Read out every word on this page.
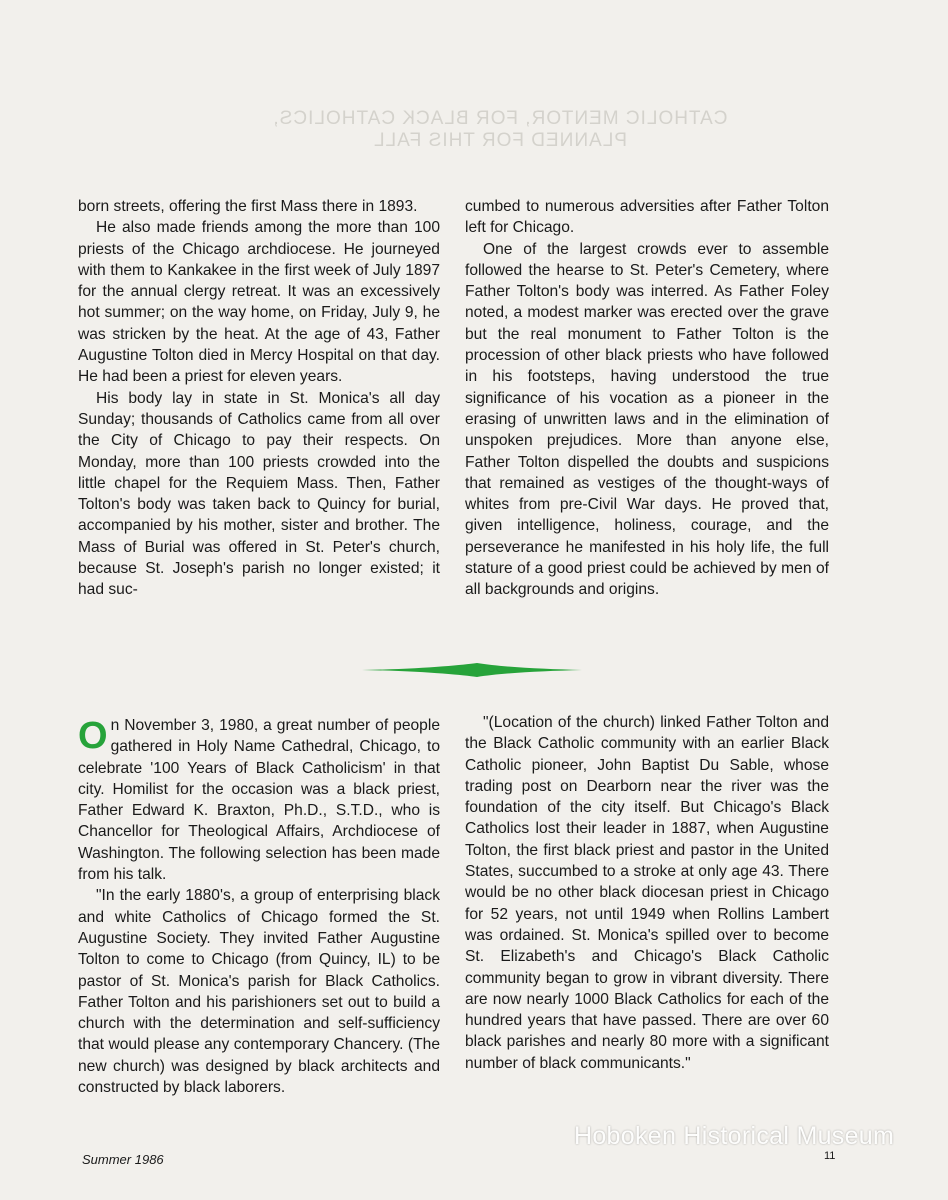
CATHOLIC MENTOR, FOR BLACK CATHOLICS,
PLANNED FOR THIS FALL

born streets, offering the first Mass there in 1893.

He also made friends among the more than 100 priests of the Chicago archdiocese. He journeyed with them to Kankakee in the first week of July 1897 for the annual clergy retreat. It was an excessively hot summer; on the way home, on Friday, July 9, he was stricken by the heat. At the age of 43, Father Augustine Tolton died in Mercy Hospital on that day. He had been a priest for eleven years.

His body lay in state in St. Monica's all day Sunday; thousands of Catholics came from all over the City of Chicago to pay their respects. On Monday, more than 100 priests crowded into the little chapel for the Requiem Mass. Then, Father Tolton's body was taken back to Quincy for burial, accompanied by his mother, sister and brother. The Mass of Burial was offered in St. Peter's church, because St. Joseph's parish no longer existed; it had suc-

cumbed to numerous adversities after Father Tolton left for Chicago.

One of the largest crowds ever to assemble followed the hearse to St. Peter's Cemetery, where Father Tolton's body was interred. As Father Foley noted, a modest marker was erected over the grave but the real monument to Father Tolton is the procession of other black priests who have followed in his footsteps, having understood the true significance of his vocation as a pioneer in the erasing of unwritten laws and in the elimination of unspoken prejudices. More than anyone else, Father Tolton dispelled the doubts and suspicions that remained as vestiges of the thought-ways of whites from pre-Civil War days. He proved that, given intelligence, holiness, courage, and the perseverance he manifested in his holy life, the full stature of a good priest could be achieved by men of all backgrounds and origins.

On November 3, 1980, a great number of people gathered in Holy Name Cathedral, Chicago, to celebrate '100 Years of Black Catholicism' in that city. Homilist for the occasion was a black priest, Father Edward K. Braxton, Ph.D., S.T.D., who is Chancellor for Theological Affairs, Archdiocese of Washington. The following selection has been made from his talk.

"In the early 1880's, a group of enterprising black and white Catholics of Chicago formed the St. Augustine Society. They invited Father Augustine Tolton to come to Chicago (from Quincy, IL) to be pastor of St. Monica's parish for Black Catholics. Father Tolton and his parishioners set out to build a church with the determination and self-sufficiency that would please any contemporary Chancery. (The new church) was designed by black architects and constructed by black laborers.

"(Location of the church) linked Father Tolton and the Black Catholic community with an earlier Black Catholic pioneer, John Baptist Du Sable, whose trading post on Dearborn near the river was the foundation of the city itself. But Chicago's Black Catholics lost their leader in 1887, when Augustine Tolton, the first black priest and pastor in the United States, succumbed to a stroke at only age 43. There would be no other black diocesan priest in Chicago for 52 years, not until 1949 when Rollins Lambert was ordained. St. Monica's spilled over to become St. Elizabeth's and Chicago's Black Catholic community began to grow in vibrant diversity. There are now nearly 1000 Black Catholics for each of the hundred years that have passed. There are over 60 black parishes and nearly 80 more with a significant number of black communicants."

Summer 1986	11
Hoboken Historical Museum
